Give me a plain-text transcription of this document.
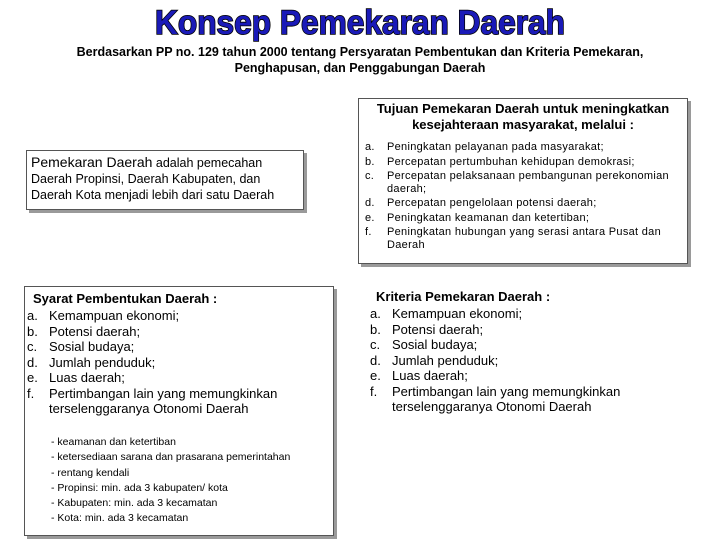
Konsep Pemekaran Daerah
Berdasarkan PP no. 129 tahun 2000 tentang Persyaratan Pembentukan dan Kriteria Pemekaran,
Penghapusan, dan Penggabungan Daerah
Pemekaran Daerah adalah pemecahan Daerah Propinsi, Daerah Kabupaten, dan Daerah Kota menjadi lebih dari satu Daerah
Tujuan Pemekaran Daerah untuk meningkatkan
kesejahteraan masyarakat, melalui :
a.	Peningkatan pelayanan pada masyarakat;
b.	Percepatan pertumbuhan kehidupan demokrasi;
c.	Percepatan pelaksanaan pembangunan perekonomian daerah;
d.	Percepatan pengelolaan potensi daerah;
e.	Peningkatan keamanan dan ketertiban;
f.	Peningkatan hubungan yang serasi antara Pusat dan Daerah
Syarat Pembentukan Daerah :
a. Kemampuan ekonomi;
b. Potensi daerah;
c. Sosial budaya;
d. Jumlah penduduk;
e. Luas daerah;
f.	Pertimbangan lain yang memungkinkan terselenggaranya Otonomi Daerah
- keamanan dan ketertiban
- ketersediaan sarana dan prasarana pemerintahan
- rentang kendali
- Propinsi: min. ada 3 kabupaten/ kota
- Kabupaten: min. ada 3 kecamatan
- Kota: min. ada 3 kecamatan
Kriteria Pemekaran Daerah :
a. Kemampuan ekonomi;
b. Potensi daerah;
c. Sosial budaya;
d. Jumlah penduduk;
e. Luas daerah;
f.	Pertimbangan lain yang memungkinkan terselenggaranya Otonomi Daerah
